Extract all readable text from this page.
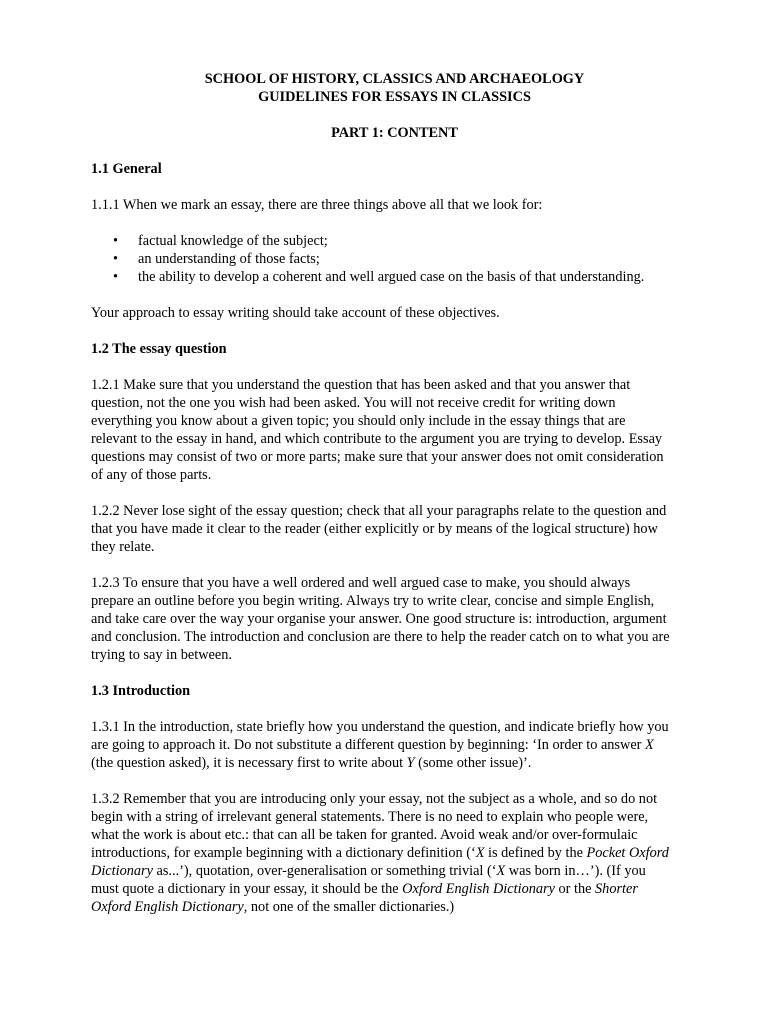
SCHOOL OF HISTORY, CLASSICS AND ARCHAEOLOGY
GUIDELINES FOR ESSAYS IN CLASSICS
PART 1: CONTENT
1.1 General

1.1.1 When we mark an essay, there are three things above all that we look for:

• factual knowledge of the subject;
• an understanding of those facts;
• the ability to develop a coherent and well argued case on the basis of that understanding.

Your approach to essay writing should take account of these objectives.

1.2 The essay question

1.2.1 Make sure that you understand the question that has been asked and that you answer that question, not the one you wish had been asked. You will not receive credit for writing down everything you know about a given topic; you should only include in the essay things that are relevant to the essay in hand, and which contribute to the argument you are trying to develop. Essay questions may consist of two or more parts; make sure that your answer does not omit consideration of any of those parts.

1.2.2 Never lose sight of the essay question; check that all your paragraphs relate to the question and that you have made it clear to the reader (either explicitly or by means of the logical structure) how they relate.

1.2.3 To ensure that you have a well ordered and well argued case to make, you should always prepare an outline before you begin writing. Always try to write clear, concise and simple English, and take care over the way your organise your answer. One good structure is: introduction, argument and conclusion. The introduction and conclusion are there to help the reader catch on to what you are trying to say in between.

1.3 Introduction

1.3.1 In the introduction, state briefly how you understand the question, and indicate briefly how you are going to approach it. Do not substitute a different question by beginning: ‘In order to answer X (the question asked), it is necessary first to write about Y (some other issue)’.

1.3.2 Remember that you are introducing only your essay, not the subject as a whole, and so do not begin with a string of irrelevant general statements. There is no need to explain who people were, what the work is about etc.: that can all be taken for granted. Avoid weak and/or over-formulaic introductions, for example beginning with a dictionary definition (‘X is defined by the Pocket Oxford Dictionary as...’), quotation, over-generalisation or something trivial (‘X was born in…’). (If you must quote a dictionary in your essay, it should be the Oxford English Dictionary or the Shorter Oxford English Dictionary, not one of the smaller dictionaries.)
